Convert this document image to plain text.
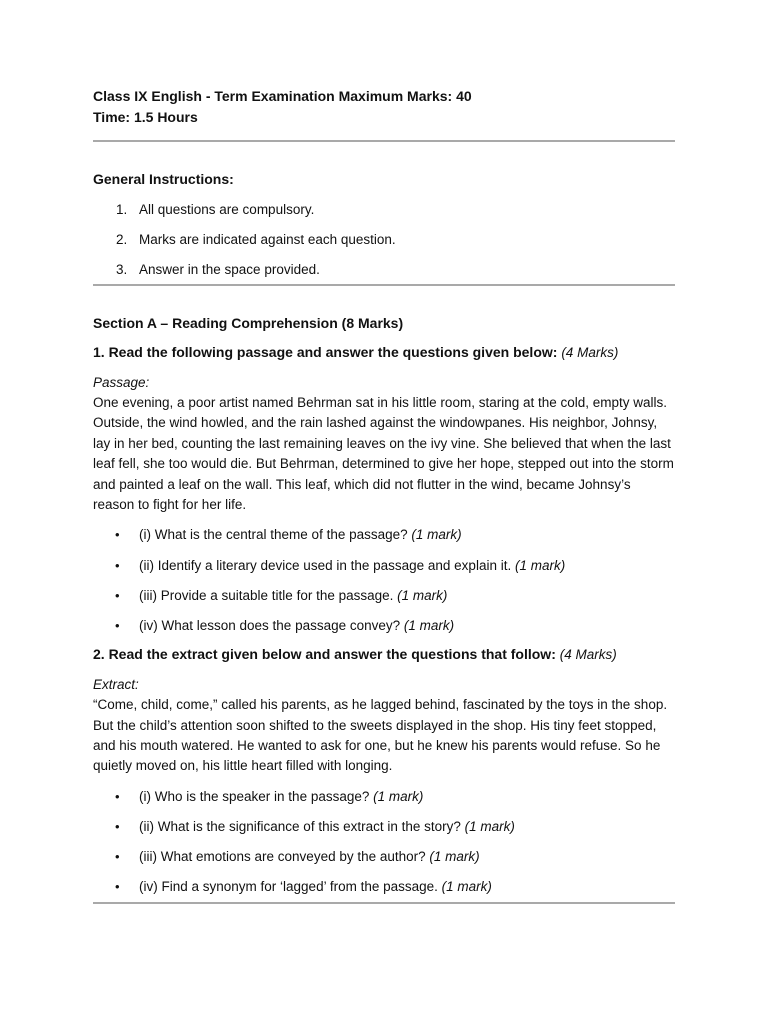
Class IX English - Term Examination Maximum Marks: 40

Time: 1.5 Hours

General Instructions:

1. All questions are compulsory.
2. Marks are indicated against each question.
3. Answer in the space provided.

Section A – Reading Comprehension (8 Marks)

1. Read the following passage and answer the questions given below: (4 Marks)

Passage:

One evening, a poor artist named Behrman sat in his little room, staring at the cold, empty walls. Outside, the wind howled, and the rain lashed against the windowpanes. His neighbor, Johnsy, lay in her bed, counting the last remaining leaves on the ivy vine. She believed that when the last leaf fell, she too would die. But Behrman, determined to give her hope, stepped out into the storm and painted a leaf on the wall. This leaf, which did not flutter in the wind, became Johnsy’s reason to fight for her life.

• (i) What is the central theme of the passage? (1 mark)
• (ii) Identify a literary device used in the passage and explain it. (1 mark)
• (iii) Provide a suitable title for the passage. (1 mark)
• (iv) What lesson does the passage convey? (1 mark)

2. Read the extract given below and answer the questions that follow: (4 Marks)

Extract:

“Come, child, come,” called his parents, as he lagged behind, fascinated by the toys in the shop. But the child’s attention soon shifted to the sweets displayed in the shop. His tiny feet stopped, and his mouth watered. He wanted to ask for one, but he knew his parents would refuse. So he quietly moved on, his little heart filled with longing.

• (i) Who is the speaker in the passage? (1 mark)
• (ii) What is the significance of this extract in the story? (1 mark)
• (iii) What emotions are conveyed by the author? (1 mark)
• (iv) Find a synonym for ‘lagged’ from the passage. (1 mark)
